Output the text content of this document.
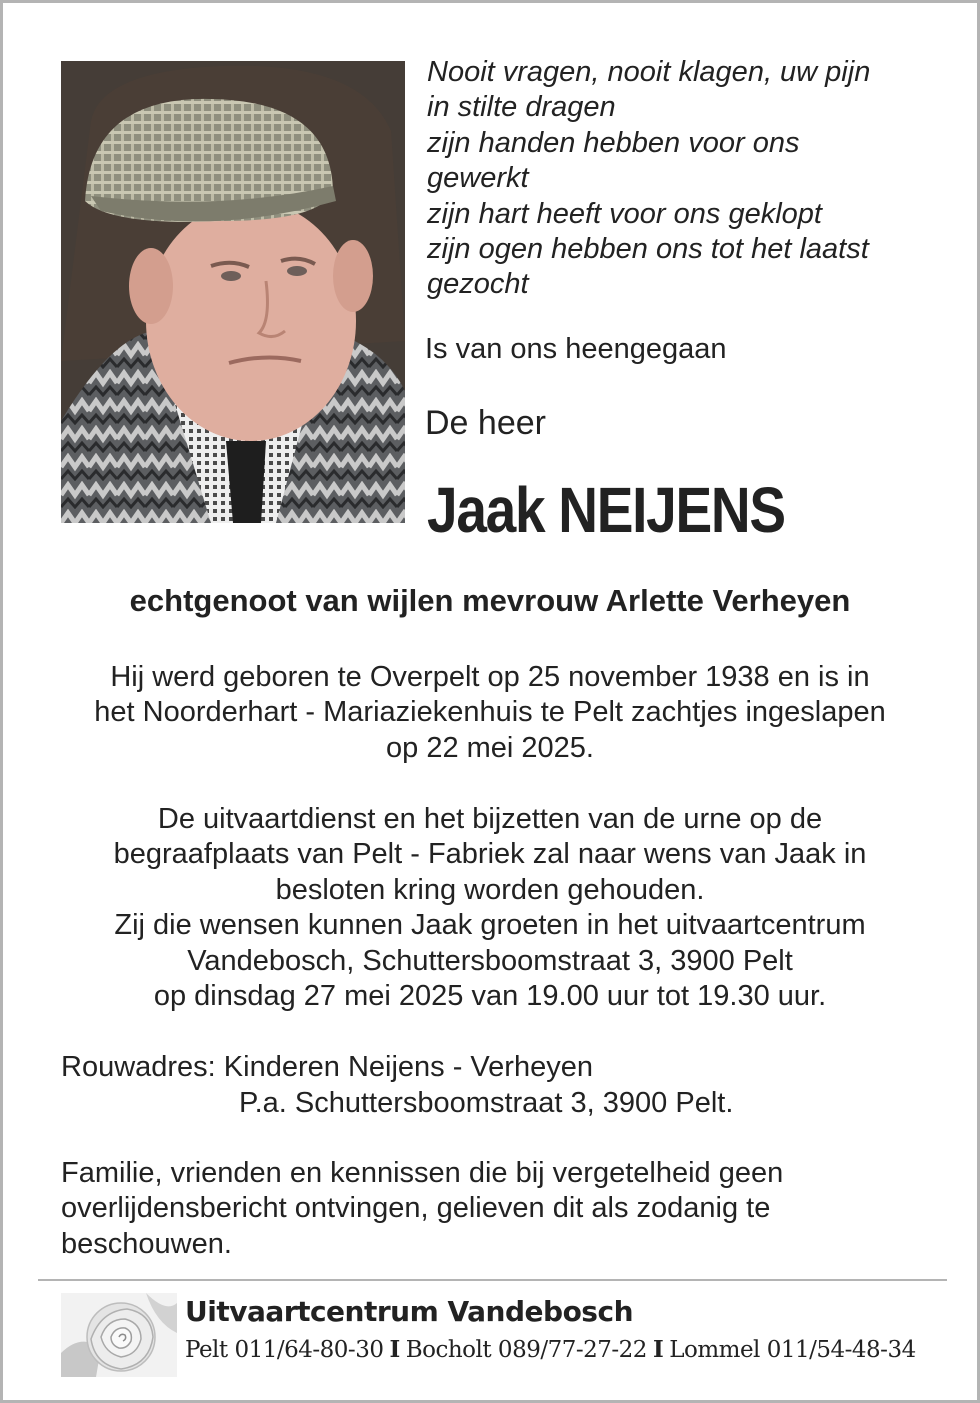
Nooit vragen, nooit klagen, uw pijn
in stilte dragen
zijn handen hebben voor ons
gewerkt
zijn hart heeft voor ons geklopt
zijn ogen hebben ons tot het laatst
gezocht
Is van ons heengegaan
De heer
Jaak NEIJENS
echtgenoot van wijlen mevrouw Arlette Verheyen
Hij werd geboren te Overpelt op 25 november 1938 en is in
het Noorderhart - Mariaziekenhuis te Pelt zachtjes ingeslapen
op 22 mei 2025.
De uitvaartdienst en het bijzetten van de urne op de
begraafplaats van Pelt - Fabriek zal naar wens van Jaak in
besloten kring worden gehouden.
Zij die wensen kunnen Jaak groeten in het uitvaartcentrum
Vandebosch, Schuttersboomstraat 3, 3900 Pelt
op dinsdag 27 mei 2025 van 19.00 uur tot 19.30 uur.
Rouwadres: Kinderen Neijens - Verheyen
P.a. Schuttersboomstraat 3, 3900 Pelt.
Familie, vrienden en kennissen die bij vergetelheid geen
overlijdensbericht ontvingen, gelieven dit als zodanig te
beschouwen.
Uitvaartcentrum Vandebosch
Pelt 011/64-80-30 I Bocholt 089/77-27-22 I Lommel 011/54-48-34
